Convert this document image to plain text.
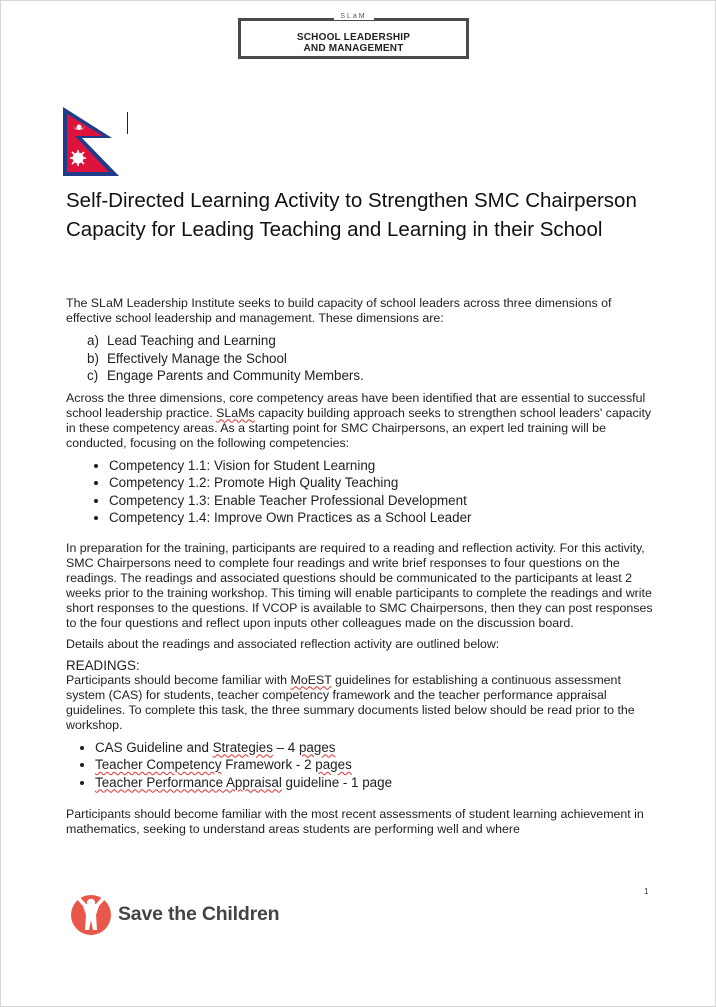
SLaM
SCHOOL LEADERSHIP
AND MANAGEMENT
Self-Directed Learning Activity to Strengthen SMC Chairperson Capacity for Leading Teaching and Learning in their School

The SLaM Leadership Institute seeks to build capacity of school leaders across three dimensions of effective school leadership and management. These dimensions are:

a) Lead Teaching and Learning
b) Effectively Manage the School
c) Engage Parents and Community Members.

Across the three dimensions, core competency areas have been identified that are essential to successful school leadership practice. SLaMs capacity building approach seeks to strengthen school leaders' capacity in these competency areas. As a starting point for SMC Chairpersons, an expert led training will be conducted, focusing on the following competencies:

• Competency 1.1: Vision for Student Learning
• Competency 1.2: Promote High Quality Teaching
• Competency 1.3: Enable Teacher Professional Development
• Competency 1.4: Improve Own Practices as a School Leader

In preparation for the training, participants are required to a reading and reflection activity. For this activity, SMC Chairpersons need to complete four readings and write brief responses to four questions on the readings. The readings and associated questions should be communicated to the participants at least 2 weeks prior to the training workshop. This timing will enable participants to complete the readings and write short responses to the questions. If VCOP is available to SMC Chairpersons, then they can post responses to the four questions and reflect upon inputs other colleagues made on the discussion board.

Details about the readings and associated reflection activity are outlined below:

READINGS:

Participants should become familiar with MoEST guidelines for establishing a continuous assessment system (CAS) for students, teacher competency framework and the teacher performance appraisal guidelines. To complete this task, the three summary documents listed below should be read prior to the workshop.

• CAS Guideline and Strategies – 4 pages
• Teacher Competency Framework - 2 pages
• Teacher Performance Appraisal guideline - 1 page

Participants should become familiar with the most recent assessments of student learning achievement in mathematics, seeking to understand areas students are performing well and where

1
Save the Children
